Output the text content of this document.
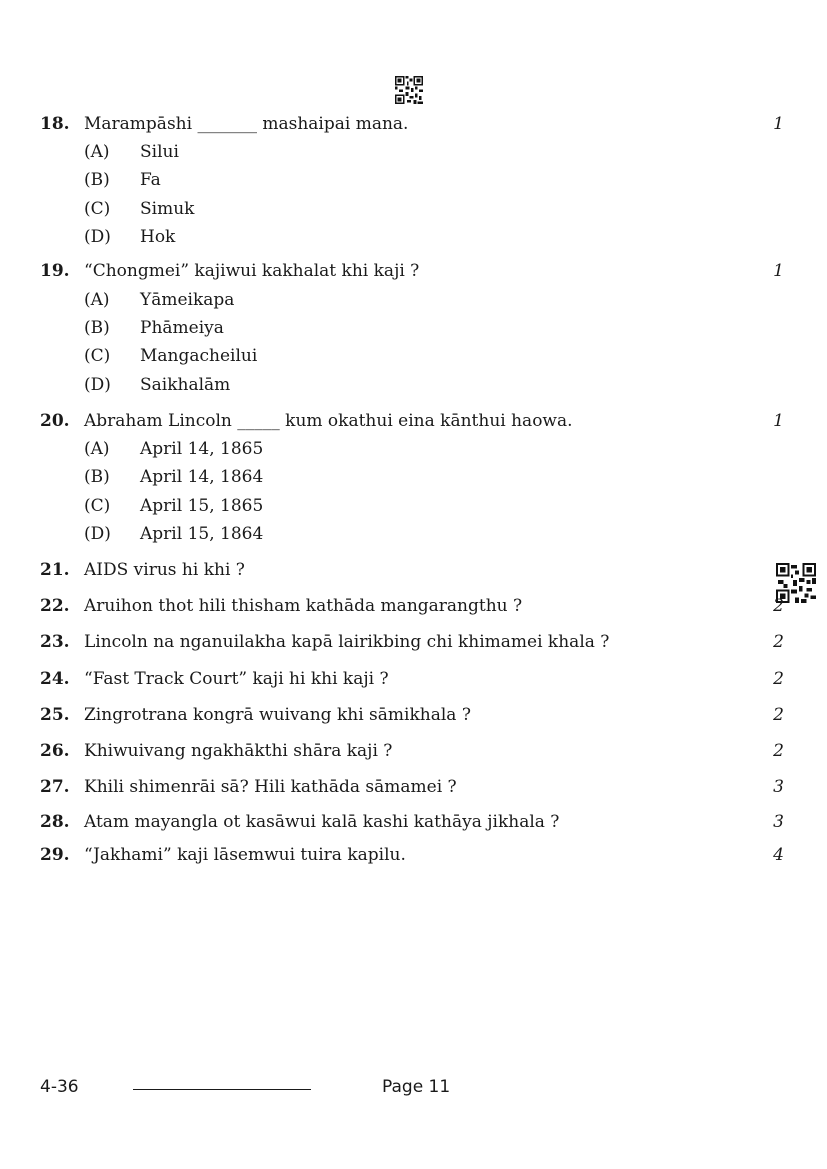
18. Marampāshi _______ mashaipai mana.	1
(A) Silui
(B) Fa
(C) Simuk
(D) Hok
19. “Chongmei” kajiwui kakhalat khi kaji ?	1
(A) Yāmeikapa
(B) Phāmeiya
(C) Mangacheilui
(D) Saikhalām
20. Abraham Lincoln _____ kum okathui eina kānthui haowa.	1
(A) April 14, 1865
(B) April 14, 1864
(C) April 15, 1865
(D) April 15, 1864
21. AIDS virus hi khi ?
22. Aruihon thot hili thisham kathāda mangarangthu ?	2
23. Lincoln na nganuilakha kapā lairikbing chi khimamei khala ?	2
24. “Fast Track Court” kaji hi khi kaji ?	2
25. Zingrotrana kongrā wuivang khi sāmikhala ?	2
26. Khiwuivang ngakhākthi shāra kaji ?	2
27. Khili shimenrāi sā? Hili kathāda sāmamei ?	3
28. Atam mayangla ot kasāwui kalā kashi kathāya jikhala ?	3
29. “Jakhami” kaji lāsemwui tuira kapilu.	4
4-36	Page 11
